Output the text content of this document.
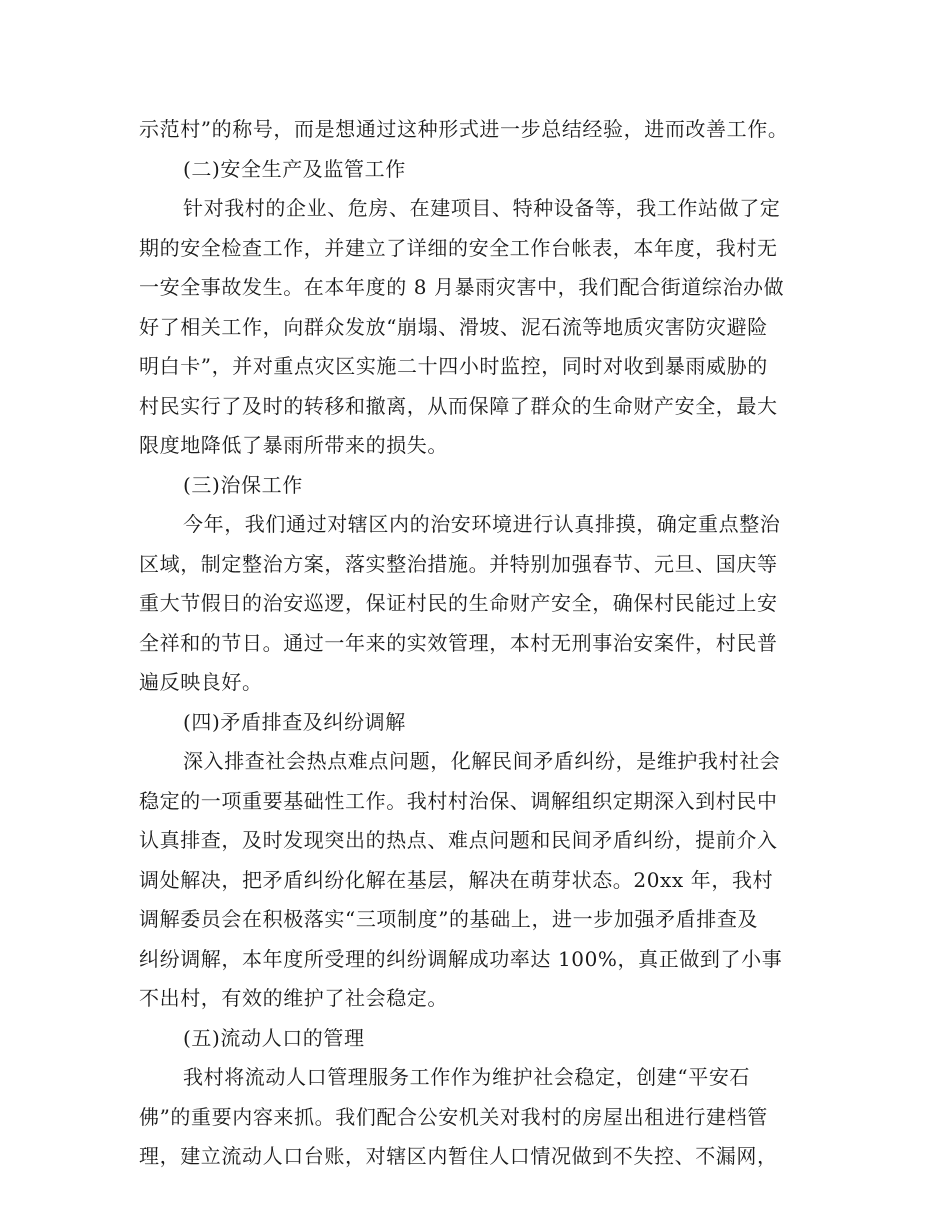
示范村”的称号，而是想通过这种形式进一步总结经验，进而改善工作。
(二)安全生产及监管工作
针对我村的企业、危房、在建项目、特种设备等，我工作站做了定
期的安全检查工作，并建立了详细的安全工作台帐表，本年度，我村无
一安全事故发生。在本年度的 8 月暴雨灾害中，我们配合街道综治办做
好了相关工作，向群众发放“崩塌、滑坡、泥石流等地质灾害防灾避险
明白卡”，并对重点灾区实施二十四小时监控，同时对收到暴雨威胁的
村民实行了及时的转移和撤离，从而保障了群众的生命财产安全，最大
限度地降低了暴雨所带来的损失。
(三)治保工作
今年，我们通过对辖区内的治安环境进行认真排摸，确定重点整治
区域，制定整治方案，落实整治措施。并特别加强春节、元旦、国庆等
重大节假日的治安巡逻，保证村民的生命财产安全，确保村民能过上安
全祥和的节日。通过一年来的实效管理，本村无刑事治安案件，村民普
遍反映良好。
(四)矛盾排查及纠纷调解
深入排查社会热点难点问题，化解民间矛盾纠纷，是维护我村社会
稳定的一项重要基础性工作。我村村治保、调解组织定期深入到村民中
认真排查，及时发现突出的热点、难点问题和民间矛盾纠纷，提前介入
调处解决，把矛盾纠纷化解在基层，解决在萌芽状态。20xx 年，我村
调解委员会在积极落实“三项制度”的基础上，进一步加强矛盾排查及
纠纷调解，本年度所受理的纠纷调解成功率达 100%，真正做到了小事
不出村，有效的维护了社会稳定。
(五)流动人口的管理
我村将流动人口管理服务工作作为维护社会稳定，创建“平安石
佛”的重要内容来抓。我们配合公安机关对我村的房屋出租进行建档管
理，建立流动人口台账，对辖区内暂住人口情况做到不失控、不漏网，
